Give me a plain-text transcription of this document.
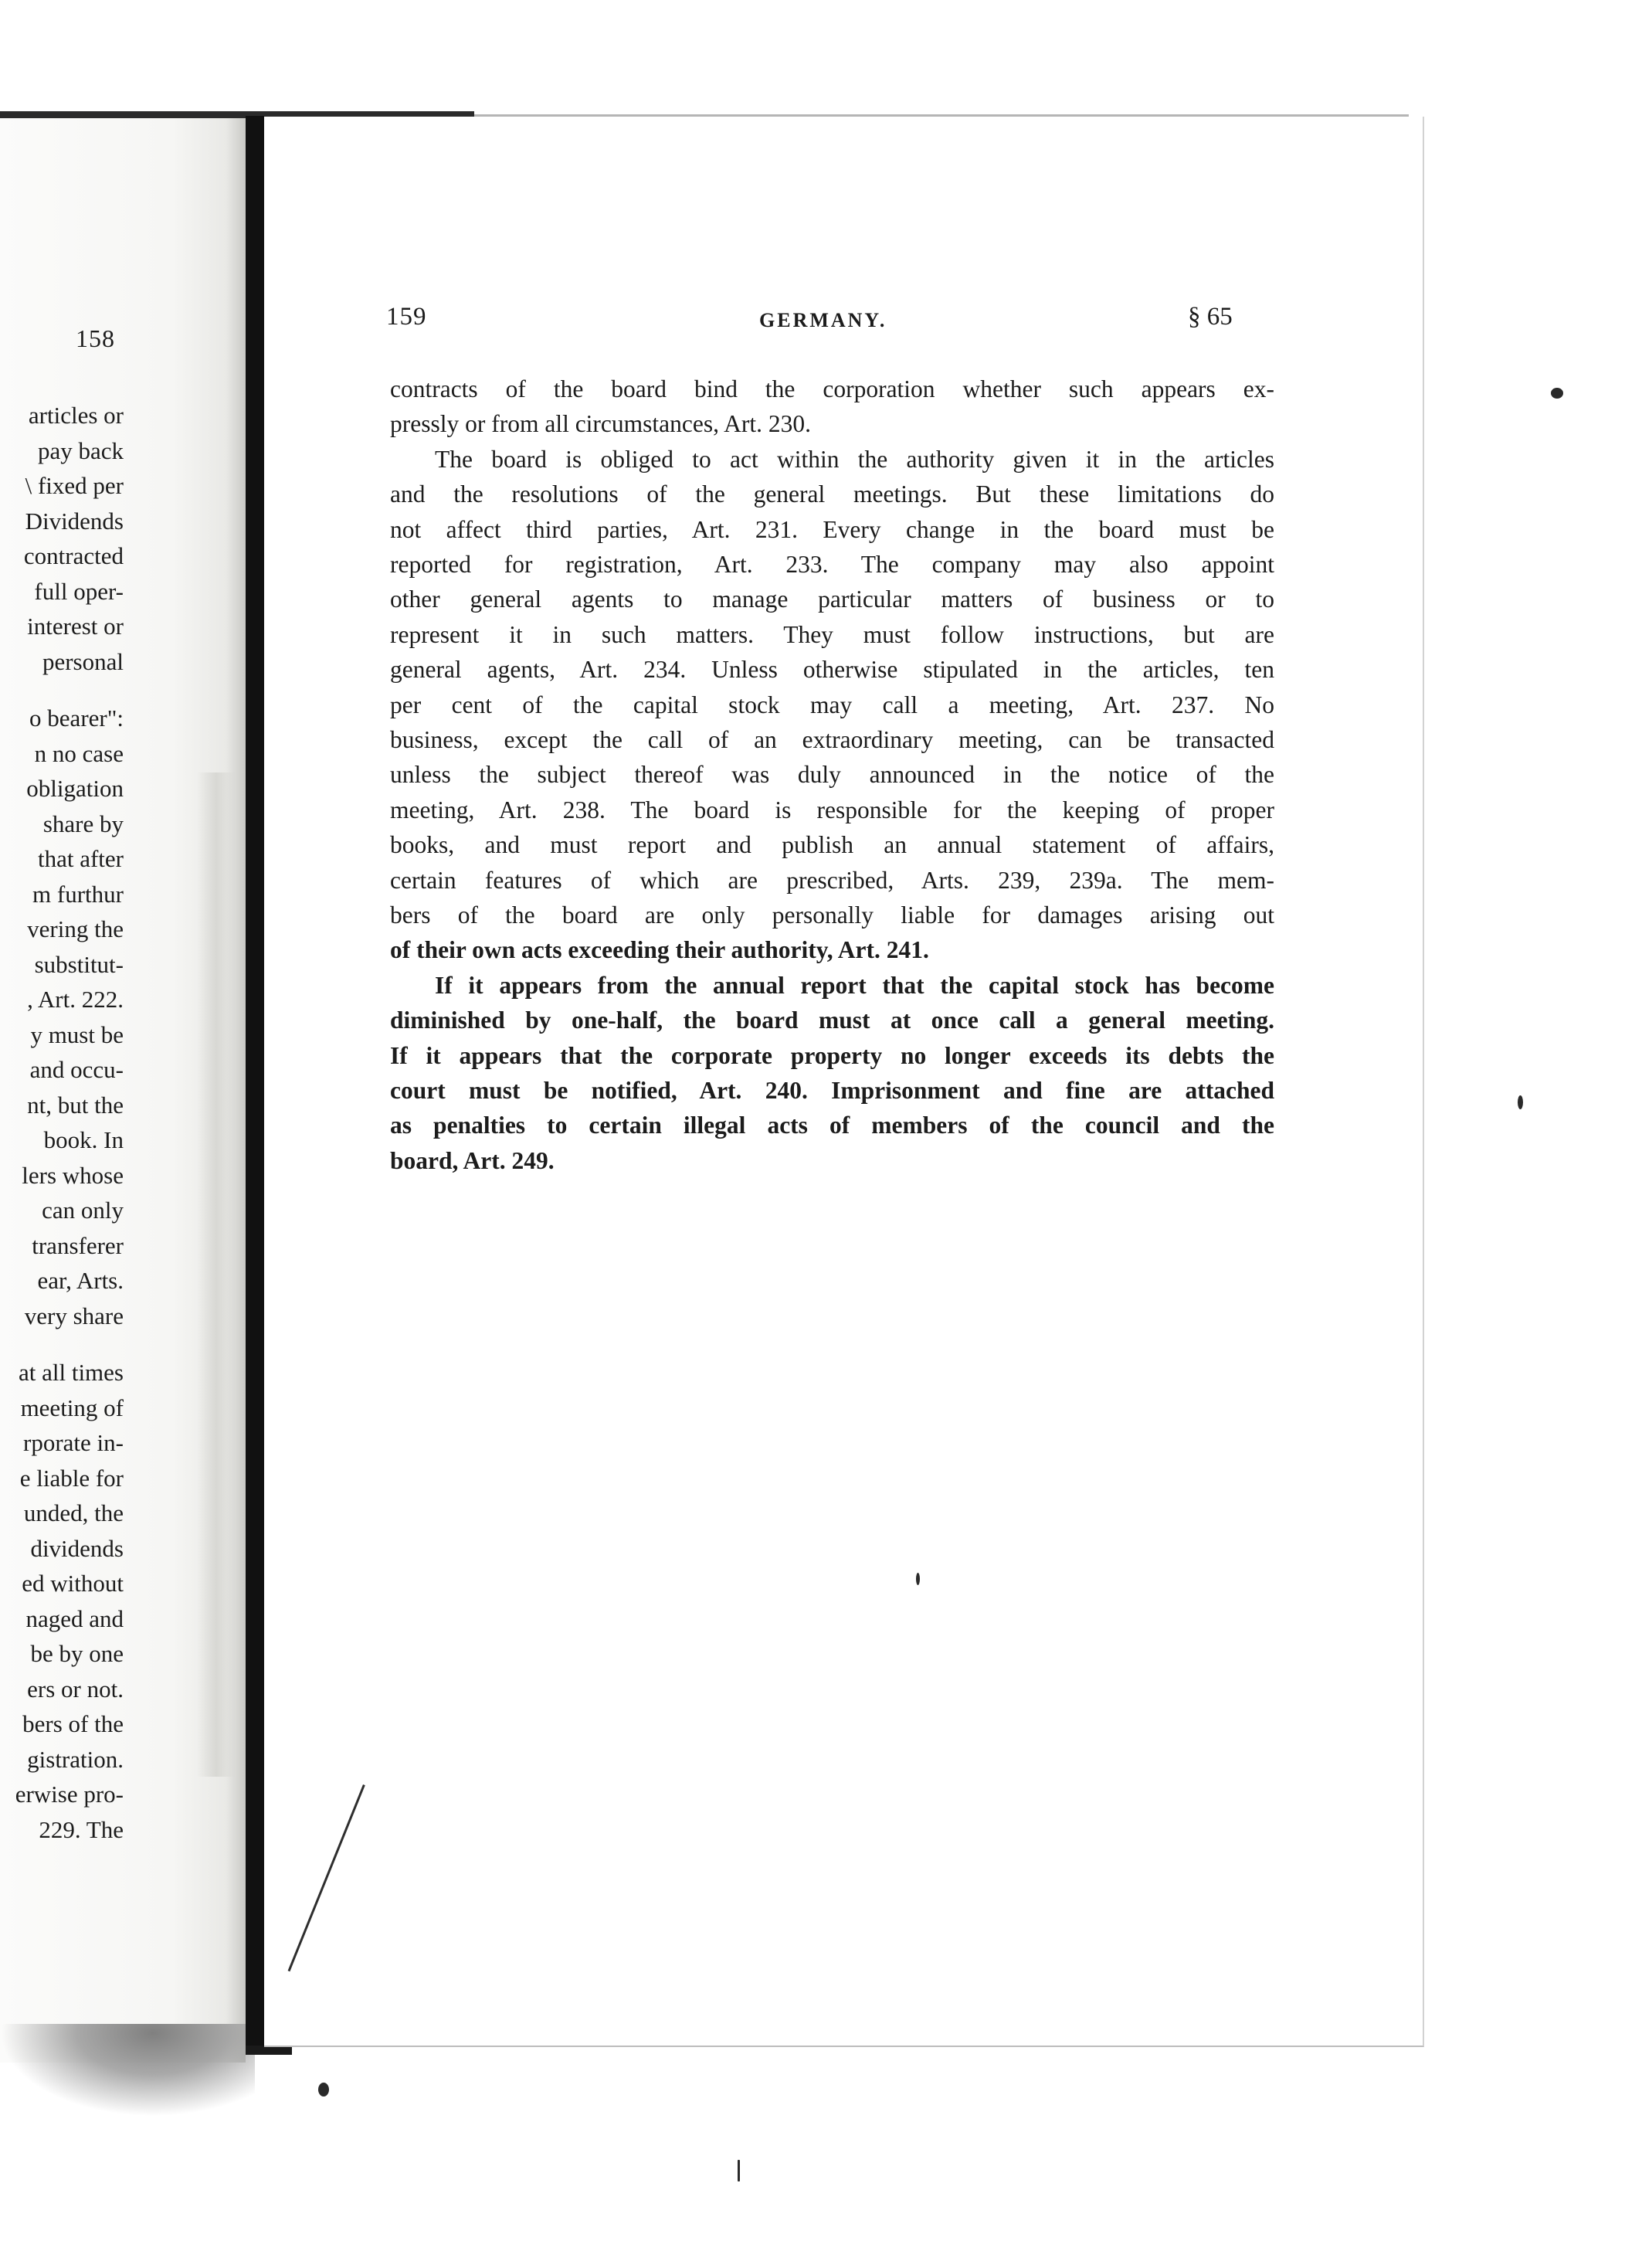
158
articles or
pay back
\ fixed per
Dividends
contracted
full oper-
interest or
personal
o bearer":
n no case
obligation
share by
that after
m furthur
vering the
substitut-
, Art. 222.
y must be
and occu-
nt, but the
book. In
lers whose
can only
transferer
ear, Arts.
very share
at all times
meeting of
rporate in-
e liable for
unded, the
dividends
ed without
naged and
be by one
ers or not.
bers of the
gistration.
erwise pro-
229. The
159	GERMANY.	§ 65
contracts of the board bind the corporation whether such appears ex-
pressly or from all circumstances, Art. 230.
The board is obliged to act within the authority given it in the articles
and the resolutions of the general meetings. But these limitations do
not affect third parties, Art. 231. Every change in the board must be
reported for registration, Art. 233. The company may also appoint
other general agents to manage particular matters of business or to
represent it in such matters. They must follow instructions, but are
general agents, Art. 234. Unless otherwise stipulated in the articles, ten
per cent of the capital stock may call a meeting, Art. 237. No
business, except the call of an extraordinary meeting, can be transacted
unless the subject thereof was duly announced in the notice of the
meeting, Art. 238. The board is responsible for the keeping of proper
books, and must report and publish an annual statement of affairs,
certain features of which are prescribed, Arts. 239, 239a. The mem-
bers of the board are only personally liable for damages arising out
of their own acts exceeding their authority, Art. 241.
If it appears from the annual report that the capital stock has become
diminished by one-half, the board must at once call a general meeting.
If it appears that the corporate property no longer exceeds its debts the
court must be notified, Art. 240. Imprisonment and fine are attached
as penalties to certain illegal acts of members of the council and the
board, Art. 249.
